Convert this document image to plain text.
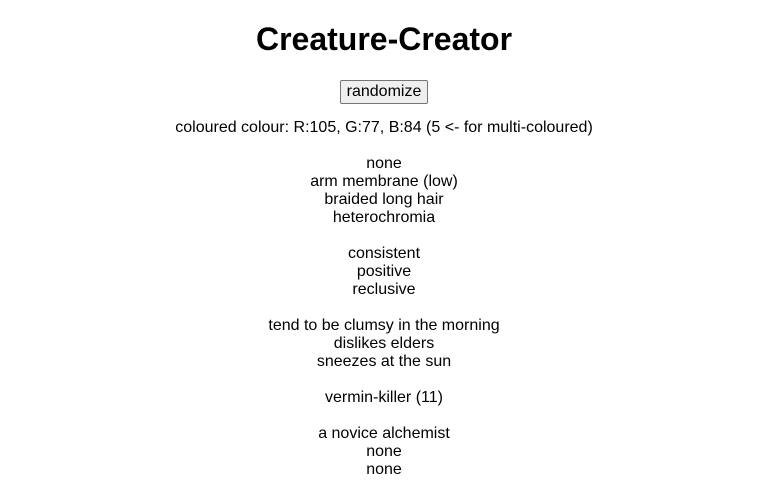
Creature-Creator
randomize
coloured colour: R:105, G:77, B:84 (5 <- for multi-coloured)
none
arm membrane (low)
braided long hair
heterochromia
consistent
positive
reclusive
tend to be clumsy in the morning
dislikes elders
sneezes at the sun
vermin-killer (11)
a novice alchemist
none
none
